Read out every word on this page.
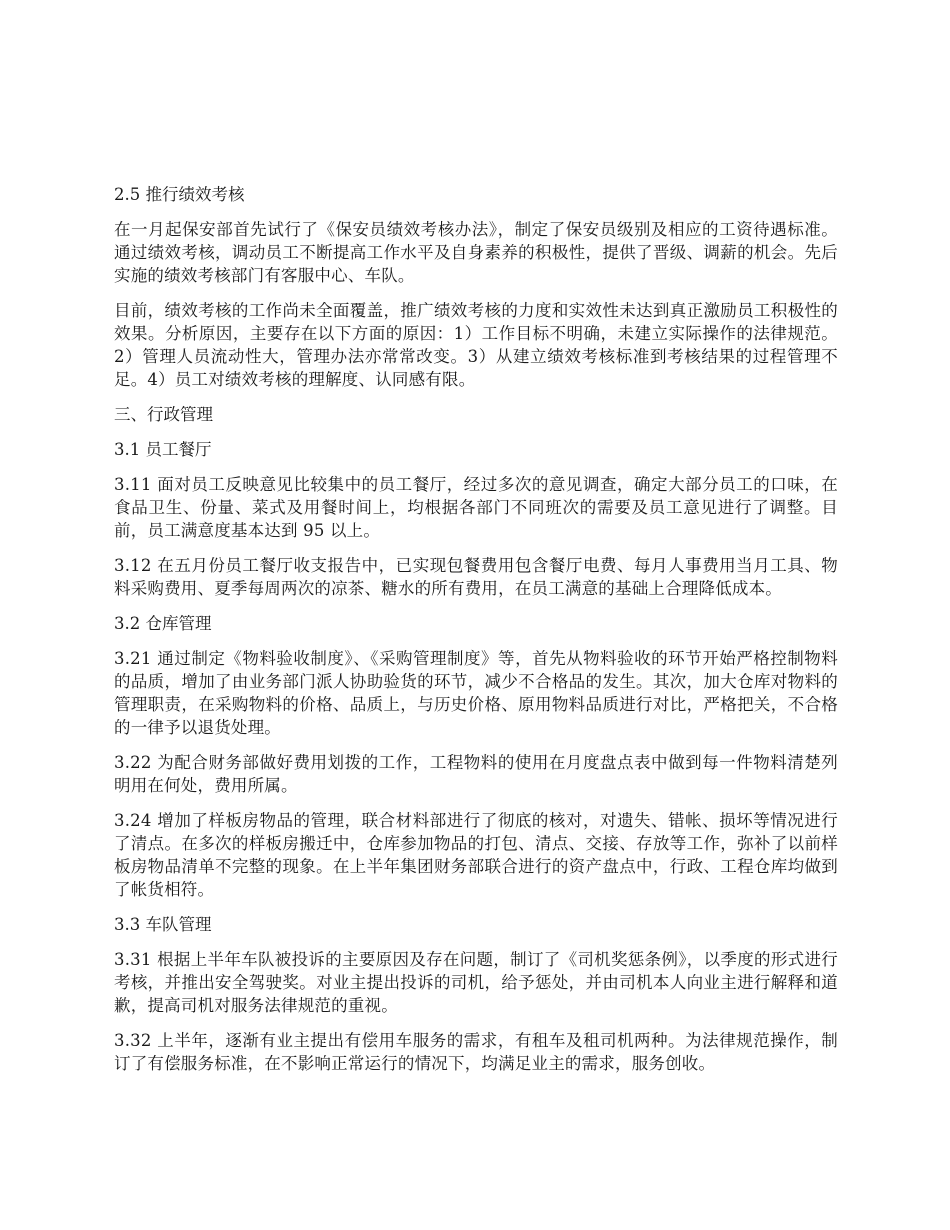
2.5 推行绩效考核

在一月起保安部首先试行了《保安员绩效考核办法》，制定了保安员级别及相应的工资待遇标准。通过绩效考核，调动员工不断提高工作水平及自身素养的积极性，提供了晋级、调薪的机会。先后实施的绩效考核部门有客服中心、车队。

目前，绩效考核的工作尚未全面覆盖，推广绩效考核的力度和实效性未达到真正激励员工积极性的效果。分析原因，主要存在以下方面的原因：1）工作目标不明确，未建立实际操作的法律规范。2）管理人员流动性大，管理办法亦常常改变。3）从建立绩效考核标准到考核结果的过程管理不足。4）员工对绩效考核的理解度、认同感有限。

三、行政管理

3.1 员工餐厅

3.11 面对员工反映意见比较集中的员工餐厅，经过多次的意见调查，确定大部分员工的口味，在食品卫生、份量、菜式及用餐时间上，均根据各部门不同班次的需要及员工意见进行了调整。目前，员工满意度基本达到 95 以上。

3.12 在五月份员工餐厅收支报告中，已实现包餐费用包含餐厅电费、每月人事费用当月工具、物料采购费用、夏季每周两次的凉茶、糖水的所有费用，在员工满意的基础上合理降低成本。

3.2 仓库管理

3.21 通过制定《物料验收制度》、《采购管理制度》等，首先从物料验收的环节开始严格控制物料的品质，增加了由业务部门派人协助验货的环节，减少不合格品的发生。其次，加大仓库对物料的管理职责，在采购物料的价格、品质上，与历史价格、原用物料品质进行对比，严格把关，不合格的一律予以退货处理。

3.22 为配合财务部做好费用划拨的工作，工程物料的使用在月度盘点表中做到每一件物料清楚列明用在何处，费用所属。

3.24 增加了样板房物品的管理，联合材料部进行了彻底的核对，对遗失、错帐、损坏等情况进行了清点。在多次的样板房搬迁中，仓库参加物品的打包、清点、交接、存放等工作，弥补了以前样板房物品清单不完整的现象。在上半年集团财务部联合进行的资产盘点中，行政、工程仓库均做到了帐货相符。

3.3 车队管理

3.31 根据上半年车队被投诉的主要原因及存在问题，制订了《司机奖惩条例》，以季度的形式进行考核，并推出安全驾驶奖。对业主提出投诉的司机，给予惩处，并由司机本人向业主进行解释和道歉，提高司机对服务法律规范的重视。

3.32 上半年，逐渐有业主提出有偿用车服务的需求，有租车及租司机两种。为法律规范操作，制订了有偿服务标准，在不影响正常运行的情况下，均满足业主的需求，服务创收。
